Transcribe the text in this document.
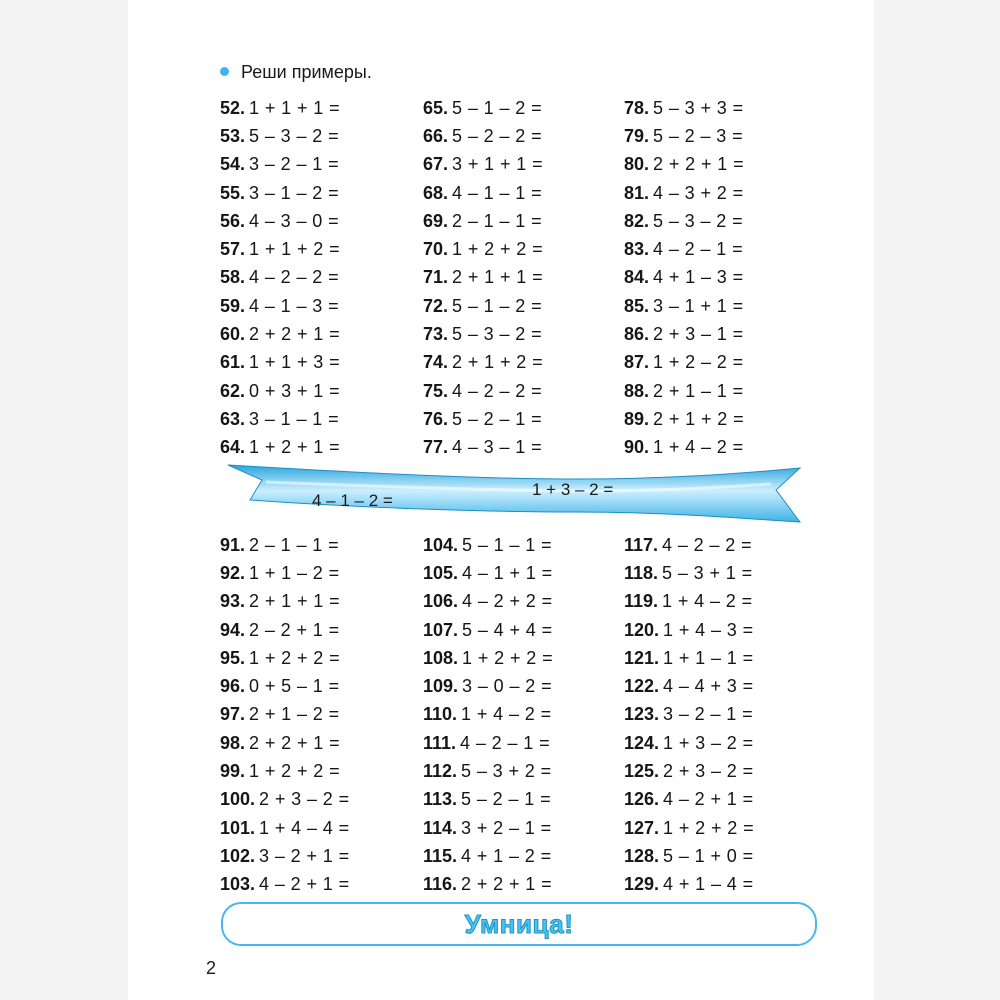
Реши примеры.
52. 1 + 1 + 1 =	65. 5 – 1 – 2 =	78. 5 – 3 + 3 =
53. 5 – 3 – 2 =	66. 5 – 2 – 2 =	79. 5 – 2 – 3 =
54. 3 – 2 – 1 =	67. 3 + 1 + 1 =	80. 2 + 2 + 1 =
55. 3 – 1 – 2 =	68. 4 – 1 – 1 =	81. 4 – 3 + 2 =
56. 4 – 3 – 0 =	69. 2 – 1 – 1 =	82. 5 – 3 – 2 =
57. 1 + 1 + 2 =	70. 1 + 2 + 2 =	83. 4 – 2 – 1 =
58. 4 – 2 – 2 =	71. 2 + 1 + 1 =	84. 4 + 1 – 3 =
59. 4 – 1 – 3 =	72. 5 – 1 – 2 =	85. 3 – 1 + 1 =
60. 2 + 2 + 1 =	73. 5 – 3 – 2 =	86. 2 + 3 – 1 =
61. 1 + 1 + 3 =	74. 2 + 1 + 2 =	87. 1 + 2 – 2 =
62. 0 + 3 + 1 =	75. 4 – 2 – 2 =	88. 2 + 1 – 1 =
63. 3 – 1 – 1 =	76. 5 – 2 – 1 =	89. 2 + 1 + 2 =
64. 1 + 2 + 1 =	77. 4 – 3 – 1 =	90. 1 + 4 – 2 =
4 – 1 – 2 =
1 + 3 – 2 =
91. 2 – 1 – 1 =	104. 5 – 1 – 1 =	117. 4 – 2 – 2 =
92. 1 + 1 – 2 =	105. 4 – 1 + 1 =	118. 5 – 3 + 1 =
93. 2 + 1 + 1 =	106. 4 – 2 + 2 =	119. 1 + 4 – 2 =
94. 2 – 2 + 1 =	107. 5 – 4 + 4 =	120. 1 + 4 – 3 =
95. 1 + 2 + 2 =	108. 1 + 2 + 2 =	121. 1 + 1 – 1 =
96. 0 + 5 – 1 =	109. 3 – 0 – 2 =	122. 4 – 4 + 3 =
97. 2 + 1 – 2 =	110. 1 + 4 – 2 =	123. 3 – 2 – 1 =
98. 2 + 2 + 1 =	111. 4 – 2 – 1 =	124. 1 + 3 – 2 =
99. 1 + 2 + 2 =	112. 5 – 3 + 2 =	125. 2 + 3 – 2 =
100. 2 + 3 – 2 =	113. 5 – 2 – 1 =	126. 4 – 2 + 1 =
101. 1 + 4 – 4 =	114. 3 + 2 – 1 =	127. 1 + 2 + 2 =
102. 3 – 2 + 1 =	115. 4 + 1 – 2 =	128. 5 – 1 + 0 =
103. 4 – 2 + 1 =	116. 2 + 2 + 1 =	129. 4 + 1 – 4 =
Умница!
2
